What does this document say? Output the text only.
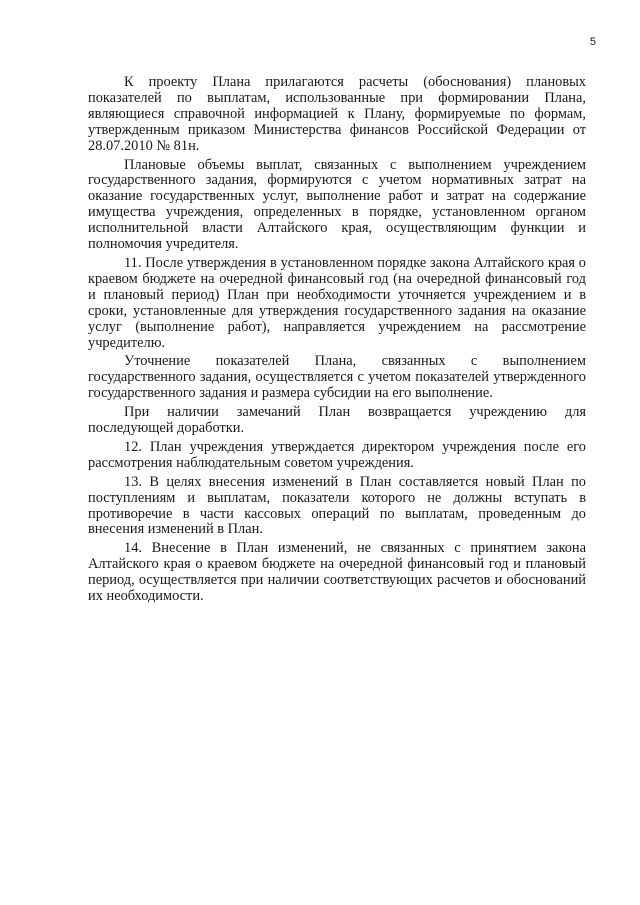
5

К проекту Плана прилагаются расчеты (обоснования) плановых показателей по выплатам, использованные при формировании Плана, являющиеся справочной информацией к Плану, формируемые по формам, утвержденным приказом Министерства финансов Российской Федерации от 28.07.2010 № 81н.

Плановые объемы выплат, связанных с выполнением учреждением государственного задания, формируются с учетом нормативных затрат на оказание государственных услуг, выполнение работ и затрат на содержание имущества учреждения, определенных в порядке, установленном органом исполнительной власти Алтайского края, осуществляющим функции и полномочия учредителя.

11. После утверждения в установленном порядке закона Алтайского края о краевом бюджете на очередной финансовый год (на очередной финансовый год и плановый период) План при необходимости уточняется учреждением и в сроки, установленные для утверждения государственного задания на оказание услуг (выполнение работ), направляется учреждением на рассмотрение учредителю.

Уточнение показателей Плана, связанных с выполнением государственного задания, осуществляется с учетом показателей утвержденного государственного задания и размера субсидии на его выполнение.

При наличии замечаний План возвращается учреждению для последующей доработки.

12. План учреждения утверждается директором учреждения после его рассмотрения наблюдательным советом учреждения.

13. В целях внесения изменений в План составляется новый План по поступлениям и выплатам, показатели которого не должны вступать в противоречие в части кассовых операций по выплатам, проведенным до внесения изменений в План.

14. Внесение в План изменений, не связанных с принятием закона Алтайского края о краевом бюджете на очередной финансовый год и плановый период, осуществляется при наличии соответствующих расчетов и обоснований их необходимости.
